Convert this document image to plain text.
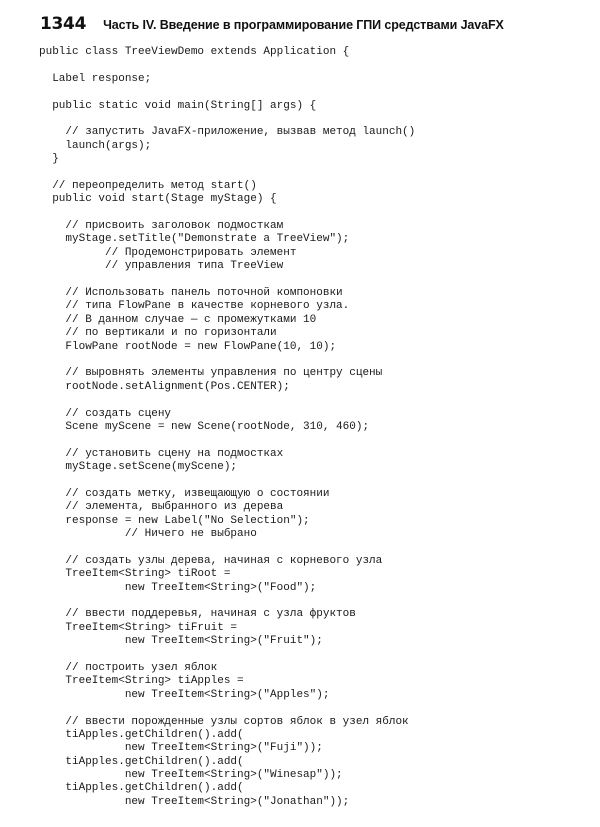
1344 Часть IV. Введение в программирование ГПИ средствами JavaFX
public class TreeViewDemo extends Application {

Label response;

public static void main(String[] args) {

// запустить JavaFX-приложение, вызвав метод launch()
launch(args);
}

// переопределить метод start()
public void start(Stage myStage) {

// присвоить заголовок подмосткам
myStage.setTitle("Demonstrate a TreeView");
// Продемонстрировать элемент
// управления типа TreeView

// Использовать панель поточной компоновки
// типа FlowPane в качестве корневого узла.
// В данном случае — с промежутками 10
// по вертикали и по горизонтали
FlowPane rootNode = new FlowPane(10, 10);

// выровнять элементы управления по центру сцены
rootNode.setAlignment(Pos.CENTER);

// создать сцену
Scene myScene = new Scene(rootNode, 310, 460);

// установить сцену на подмостках
myStage.setScene(myScene);

// создать метку, извещающую о состоянии
// элемента, выбранного из дерева
response = new Label("No Selection");
// Ничего не выбрано

// создать узлы дерева, начиная с корневого узла
TreeItem<String> tiRoot =
new TreeItem<String>("Food");

// ввести поддеревья, начиная с узла фруктов
TreeItem<String> tiFruit =
new TreeItem<String>("Fruit");

// построить узел яблок
TreeItem<String> tiApples =
new TreeItem<String>("Apples");

// ввести порожденные узлы сортов яблок в узел яблок
tiApples.getChildren().add(
new TreeItem<String>("Fuji"));
tiApples.getChildren().add(
new TreeItem<String>("Winesap"));
tiApples.getChildren().add(
new TreeItem<String>("Jonathan"));
